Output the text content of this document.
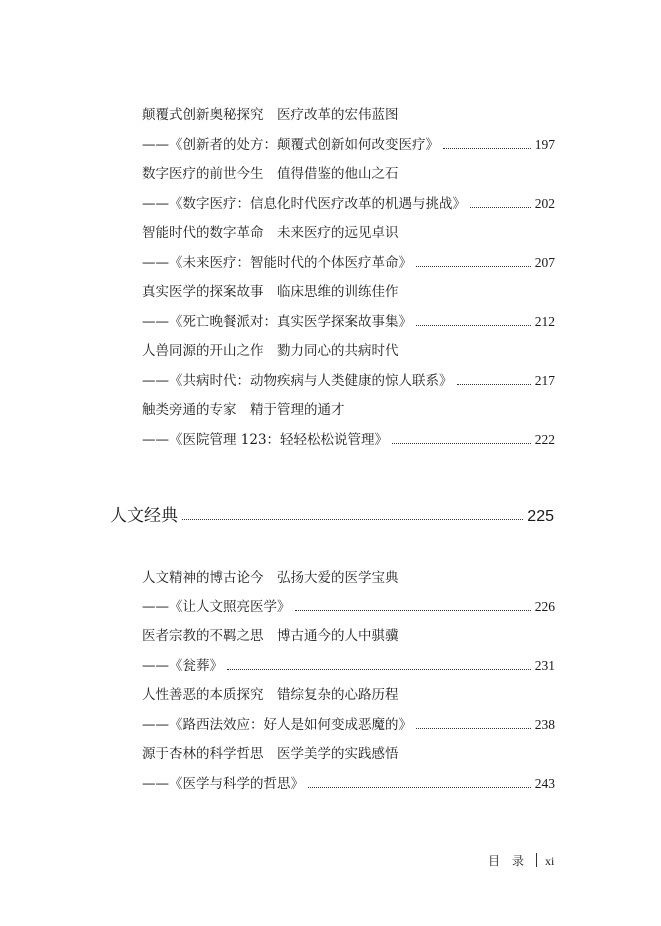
颠覆式创新奥秘探究　医疗改革的宏伟蓝图
—— 《创新者的处方：颠覆式创新如何改变医疗》	197
数字医疗的前世今生　值得借鉴的他山之石
—— 《数字医疗：信息化时代医疗改革的机遇与挑战》	202
智能时代的数字革命　未来医疗的远见卓识
—— 《未来医疗：智能时代的个体医疗革命》	207
真实医学的探案故事　临床思维的训练佳作
—— 《死亡晚餐派对：真实医学探案故事集》	212
人兽同源的开山之作　勠力同心的共病时代
—— 《共病时代：动物疾病与人类健康的惊人联系》	217
触类旁通的专家　精于管理的通才
—— 《医院管理 123：轻轻松松说管理》	222
人文经典	225
人文精神的博古论今　弘扬大爱的医学宝典
—— 《让人文照亮医学》	226
医者宗教的不羁之思　博古通今的人中骐骥
—— 《瓮葬》	231
人性善恶的本质探究　错综复杂的心路历程
—— 《路西法效应：好人是如何变成恶魔的》	238
源于杏林的科学哲思　医学美学的实践感悟
—— 《医学与科学的哲思》	243
目录 xi
